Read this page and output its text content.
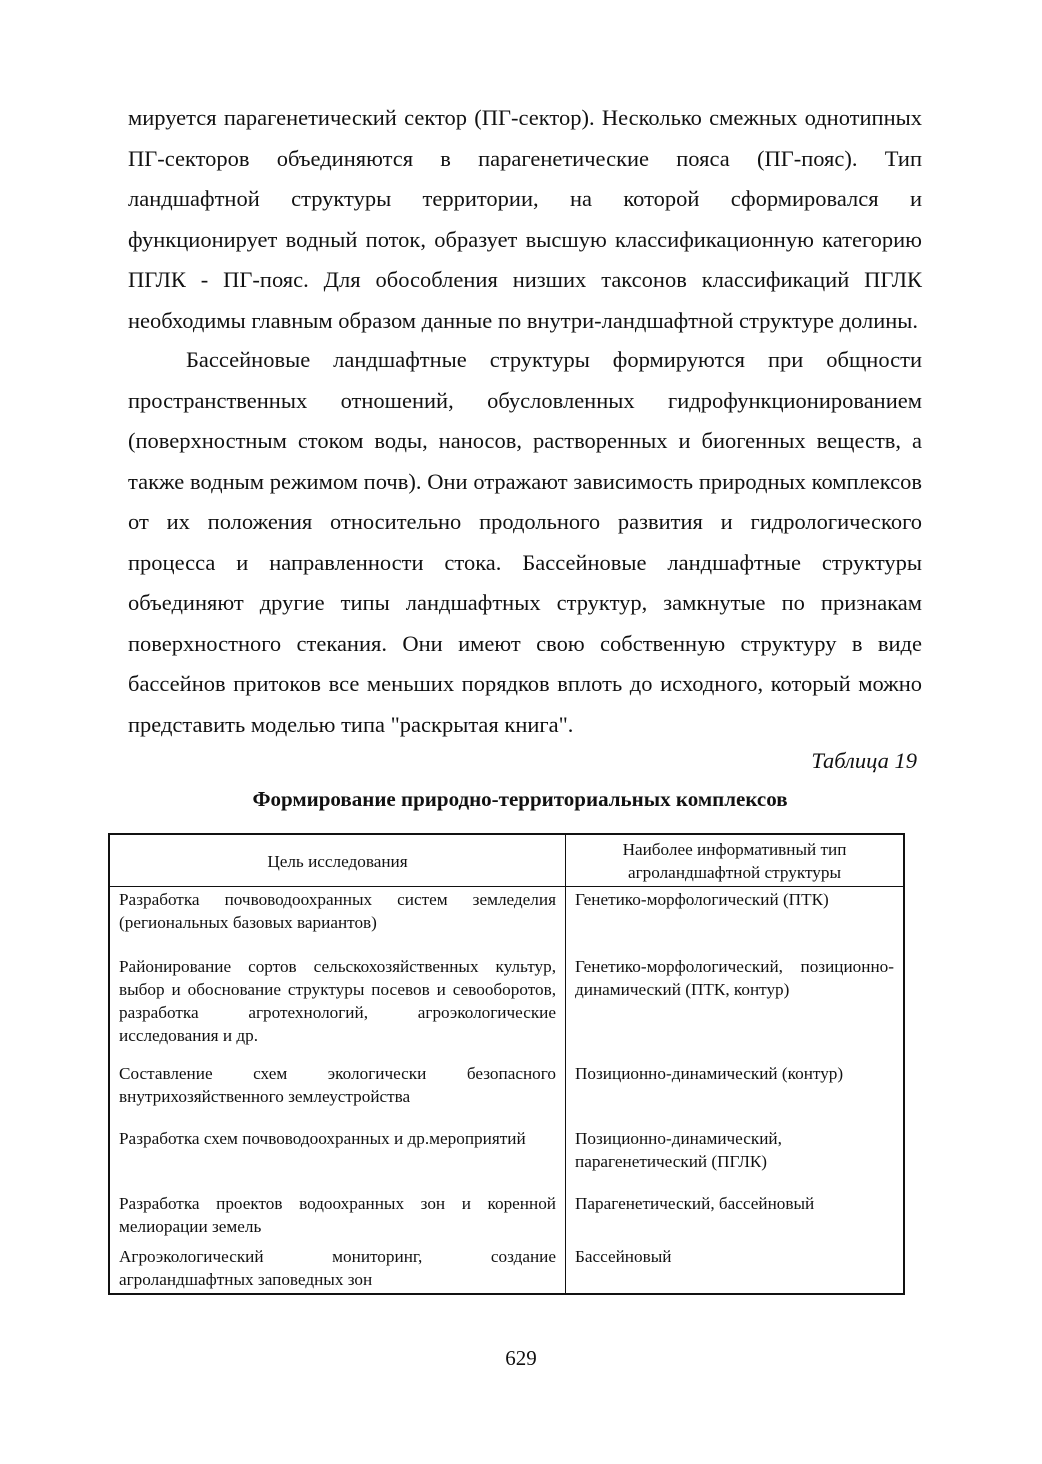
мируется парагенетический сектор (ПГ-сектор). Несколько смежных однотипных ПГ-секторов объединяются в парагенетические пояса (ПГ-пояс). Тип ландшафтной структуры территории, на которой сформировался и функционирует водный поток, образует высшую классификационную категорию ПГЛК - ПГ-пояс. Для обособления низших таксонов классификаций ПГЛК необходимы главным образом данные по внутри-ландшафтной структуре долины.

Бассейновые ландшафтные структуры формируются при общности пространственных отношений, обусловленных гидрофункционированием (поверхностным стоком воды, наносов, растворенных и биогенных веществ, а также водным режимом почв). Они отражают зависимость природных комплексов от их положения относительно продольного развития и гидрологического процесса и направленности стока. Бассейновые ландшафтные структуры объединяют другие типы ландшафтных структур, замкнутые по признакам поверхностного стекания. Они имеют свою собственную структуру в виде бассейнов притоков все меньших порядков вплоть до исходного, который можно представить моделью типа "раскрытая книга".

Таблица 19

Формирование природно-территориальных комплексов

Цель исследования	Наиболее информативный тип агроландшафтной структуры
Разработка почвоводоохранных систем земледелия (региональных базовых вариантов)	Генетико-морфологический (ПТК)
Районирование сортов сельскохозяйственных культур, выбор и обоснование структуры посевов и севооборотов, разработка агротехнологий, агроэкологические исследования и др.	Генетико-морфологический, позиционно-динамический (ПТК, контур)
Составление схем экологически безопасного внутрихозяйственного землеустройства	Позиционно-динамический (контур)
Разработка схем почвоводоохранных и др.мероприятий	Позиционно-динамический, парагенетический (ПГЛК)
Разработка проектов водоохранных зон и коренной мелиорации земель	Парагенетический, бассейновый
Агроэкологический мониторинг, создание агроландшафтных заповедных зон	Бассейновый

629
